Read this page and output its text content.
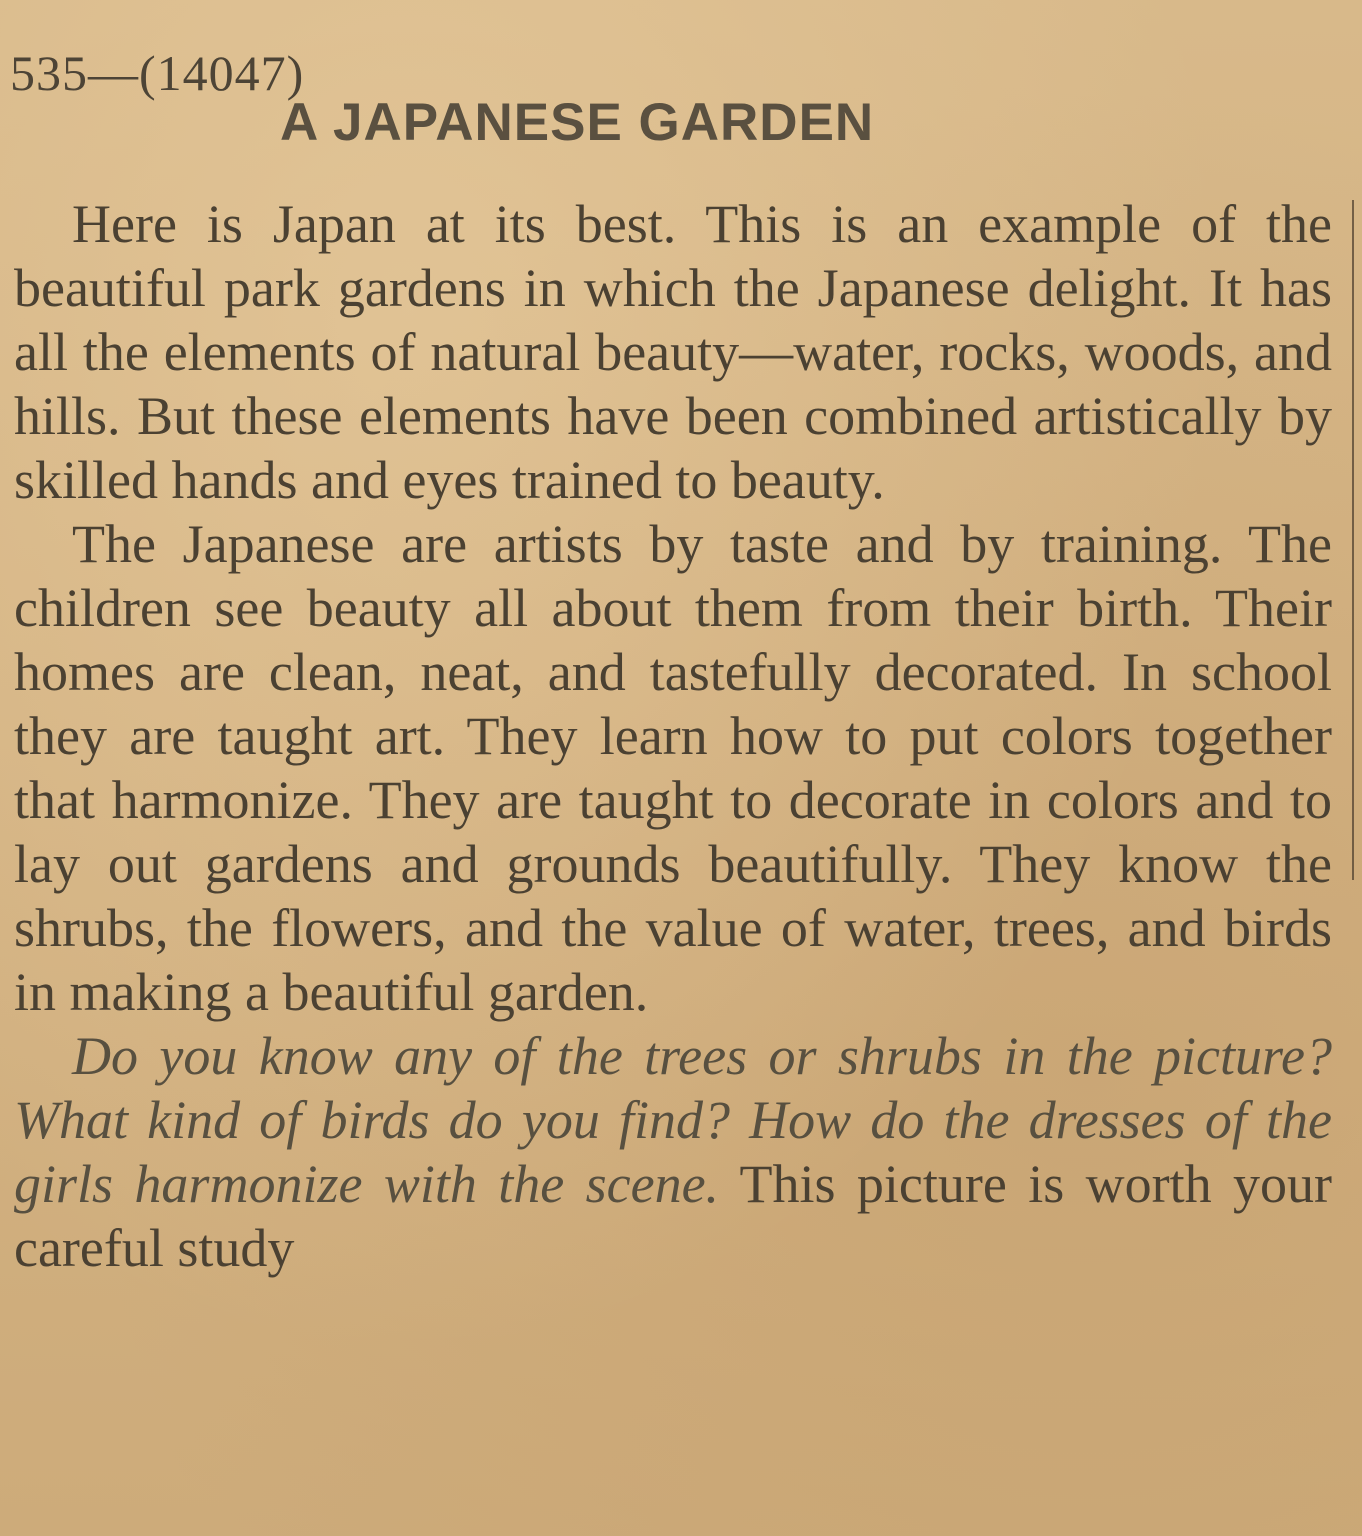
535—(14047)
A JAPANESE GARDEN

Here is Japan at its best. This is an example of the beautiful park gardens in which the Japanese delight. It has all the elements of natural beauty—water, rocks, woods, and hills. But these elements have been combined artistically by skilled hands and eyes trained to beauty.

The Japanese are artists by taste and by training. The children see beauty all about them from their birth. Their homes are clean, neat, and tastefully decorated. In school they are taught art. They learn how to put colors together that harmonize. They are taught to decorate in colors and to lay out gardens and grounds beautifully. They know the shrubs, the flowers, and the value of water, trees, and birds in making a beautiful garden.

Do you know any of the trees or shrubs in the picture? What kind of birds do you find? How do the dresses of the girls harmonize with the scene. This picture is worth your careful study
